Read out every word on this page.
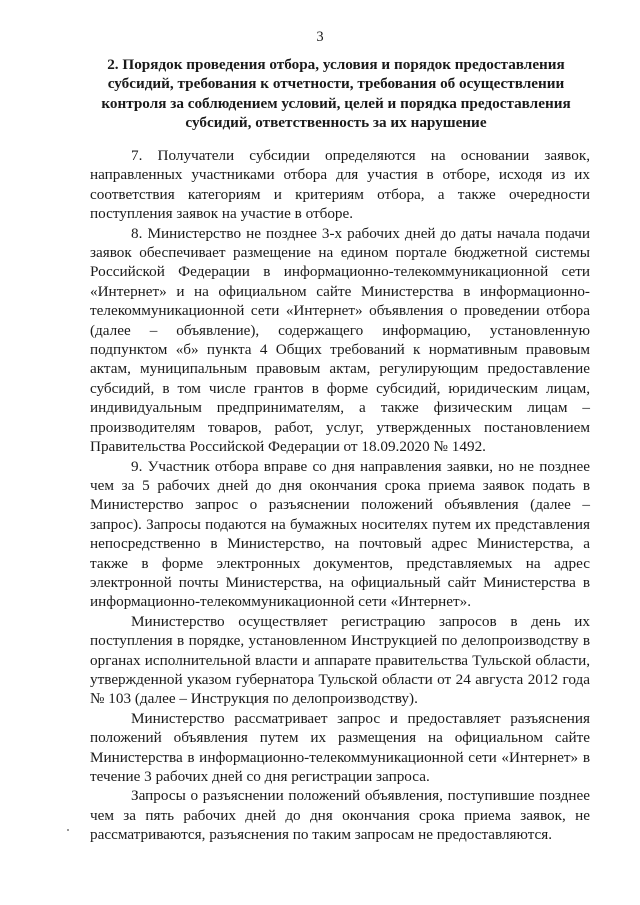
3
2. Порядок проведения отбора, условия и порядок предоставления субсидий, требования к отчетности, требования об осуществлении контроля за соблюдением условий, целей и порядка предоставления субсидий, ответственность за их нарушение

7. Получатели субсидии определяются на основании заявок, направленных участниками отбора для участия в отборе, исходя из их соответствия категориям и критериям отбора, а также очередности поступления заявок на участие в отборе.

8. Министерство не позднее 3-х рабочих дней до даты начала подачи заявок обеспечивает размещение на едином портале бюджетной системы Российской Федерации в информационно-телекоммуникационной сети «Интернет» и на официальном сайте Министерства в информационно-телекоммуникационной сети «Интернет» объявления о проведении отбора (далее – объявление), содержащего информацию, установленную подпунктом «б» пункта 4 Общих требований к нормативным правовым актам, муниципальным правовым актам, регулирующим предоставление субсидий, в том числе грантов в форме субсидий, юридическим лицам, индивидуальным предпринимателям, а также физическим лицам – производителям товаров, работ, услуг, утвержденных постановлением Правительства Российской Федерации от 18.09.2020 № 1492.

9. Участник отбора вправе со дня направления заявки, но не позднее чем за 5 рабочих дней до дня окончания срока приема заявок подать в Министерство запрос о разъяснении положений объявления (далее – запрос). Запросы подаются на бумажных носителях путем их представления непосредственно в Министерство, на почтовый адрес Министерства, а также в форме электронных документов, представляемых на адрес электронной почты Министерства, на официальный сайт Министерства в информационно-телекоммуникационной сети «Интернет».

Министерство осуществляет регистрацию запросов в день их поступления в порядке, установленном Инструкцией по делопроизводству в органах исполнительной власти и аппарате правительства Тульской области, утвержденной указом губернатора Тульской области от 24 августа 2012 года № 103 (далее – Инструкция по делопроизводству).

Министерство рассматривает запрос и предоставляет разъяснения положений объявления путем их размещения на официальном сайте Министерства в информационно-телекоммуникационной сети «Интернет» в течение 3 рабочих дней со дня регистрации запроса.

Запросы о разъяснении положений объявления, поступившие позднее чем за пять рабочих дней до дня окончания срока приема заявок, не рассматриваются, разъяснения по таким запросам не предоставляются.
